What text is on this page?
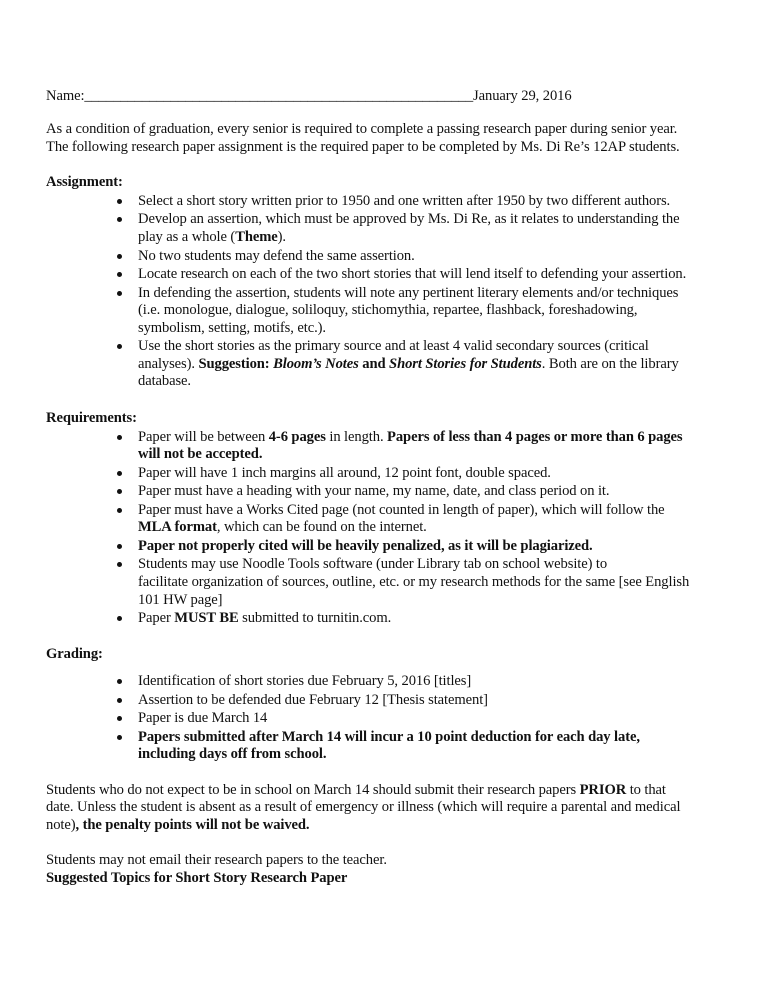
Name:______________________________________________________January 29, 2016
As a condition of graduation, every senior is required to complete a passing research paper during senior year.
The following research paper assignment is the required paper to be completed by Ms. Di Re’s 12AP students.
Assignment:
Select a short story written prior to 1950 and one written after 1950 by two different authors.
Develop an assertion, which must be approved by Ms. Di Re, as it relates to understanding the
play as a whole (Theme).
No two students may defend the same assertion.
Locate research on each of the two short stories that will lend itself to defending your assertion.
In defending the assertion, students will note any pertinent literary elements and/or techniques
(i.e. monologue, dialogue, soliloquy, stichomythia, repartee, flashback, foreshadowing,
symbolism, setting, motifs, etc.).
Use the short stories as the primary source and at least 4 valid secondary sources (critical
analyses). Suggestion: Bloom’s Notes and Short Stories for Students. Both are on the library
database.
Requirements:
Paper will be between 4-6 pages in length. Papers of less than 4 pages or more than 6 pages
will not be accepted.
Paper will have 1 inch margins all around, 12 point font, double spaced.
Paper must have a heading with your name, my name, date, and class period on it.
Paper must have a Works Cited page (not counted in length of paper), which will follow the
MLA format, which can be found on the internet.
Paper not properly cited will be heavily penalized, as it will be plagiarized.
Students may use Noodle Tools software (under Library tab on school website) to
facilitate organization of sources, outline, etc. or my research methods for the same [see English
101 HW page]
Paper MUST BE submitted to turnitin.com.
Grading:
Identification of short stories due February 5, 2016 [titles]
Assertion to be defended due February 12 [Thesis statement]
Paper is due March 14
Papers submitted after March 14 will incur a 10 point deduction for each day late,
including days off from school.
Students who do not expect to be in school on March 14 should submit their research papers PRIOR to that
date. Unless the student is absent as a result of emergency or illness (which will require a parental and medical
note), the penalty points will not be waived.
Students may not email their research papers to the teacher.
Suggested Topics for Short Story Research Paper
